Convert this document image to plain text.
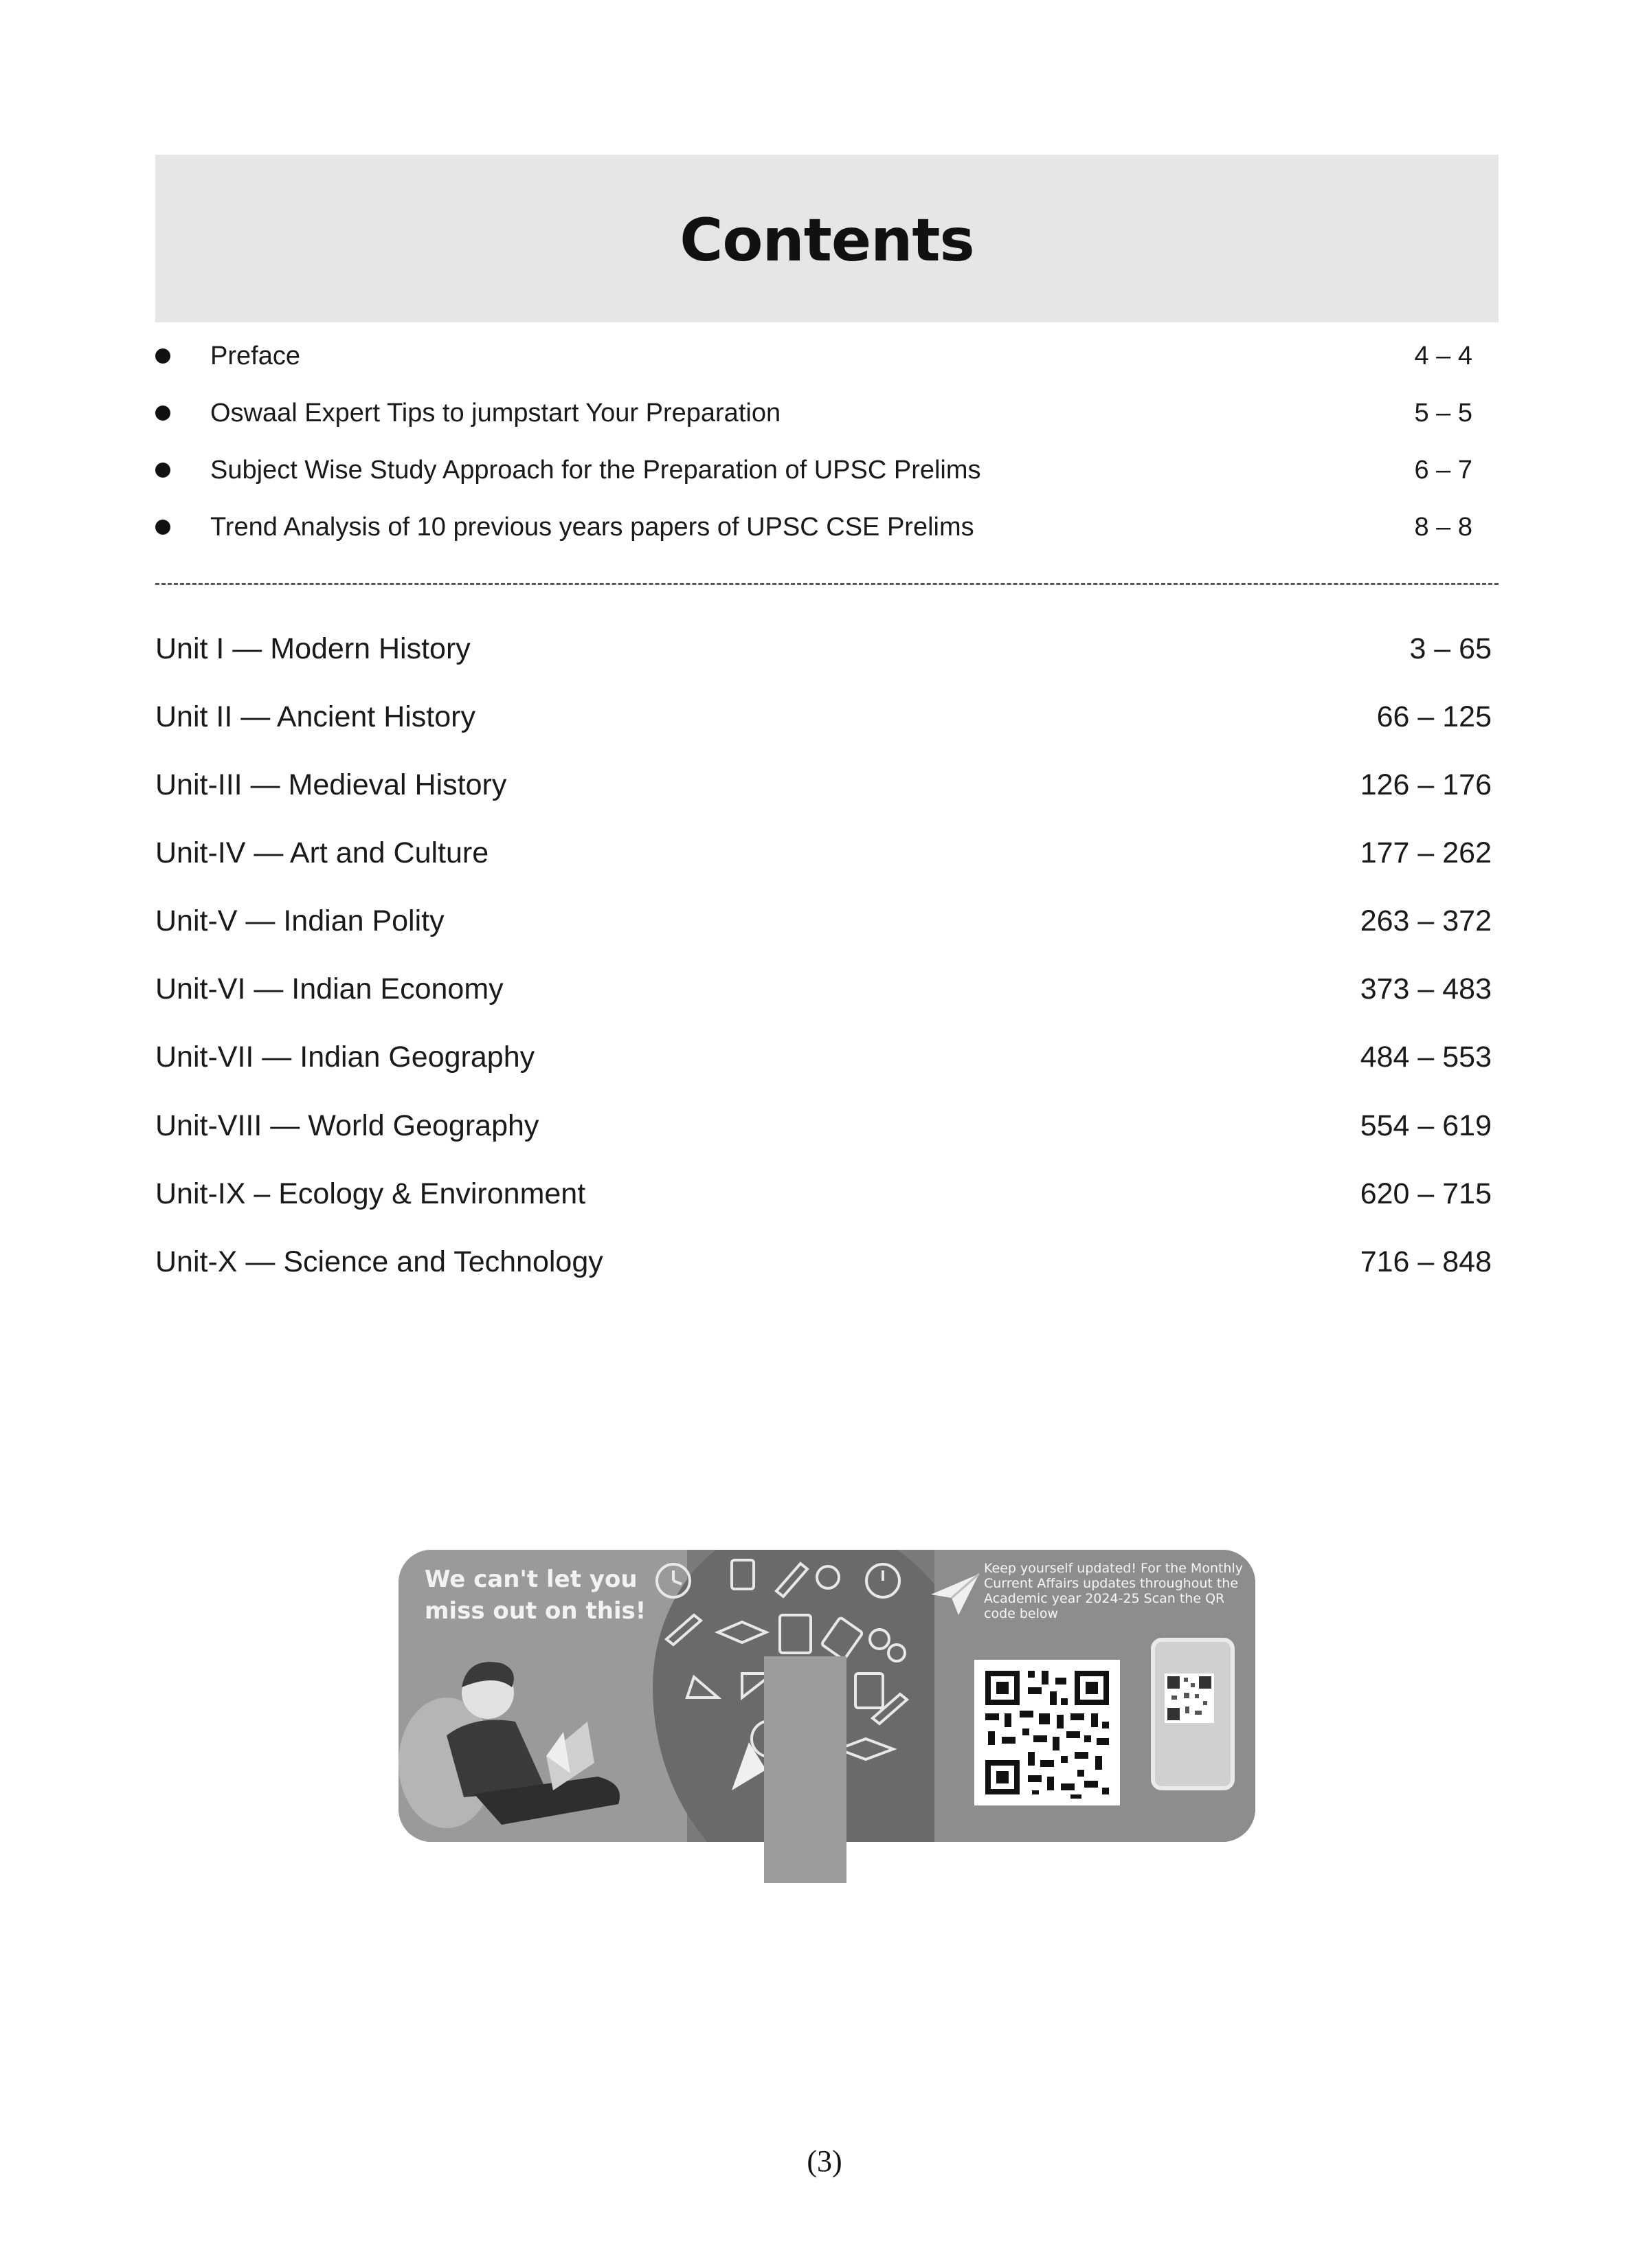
Contents
Preface	4 – 4
Oswaal Expert Tips to jumpstart Your Preparation	5 – 5
Subject Wise Study Approach for the Preparation of UPSC Prelims	6 – 7
Trend Analysis of 10 previous years papers of UPSC CSE Prelims	8 – 8
Unit I — Modern History	3 – 65
Unit II — Ancient History	66 – 125
Unit-III — Medieval History	126 – 176
Unit-IV — Art and Culture	177 – 262
Unit-V — Indian Polity	263 – 372
Unit-VI — Indian Economy	373 – 483
Unit-VII — Indian Geography	484 – 553
Unit-VIII — World Geography	554 – 619
Unit-IX – Ecology & Environment	620 – 715
Unit-X — Science and Technology	716 – 848
We can't let you miss out on this!
Keep yourself updated! For the Monthly Current Affairs updates throughout the Academic year 2024-25 Scan the QR code below
(3)
